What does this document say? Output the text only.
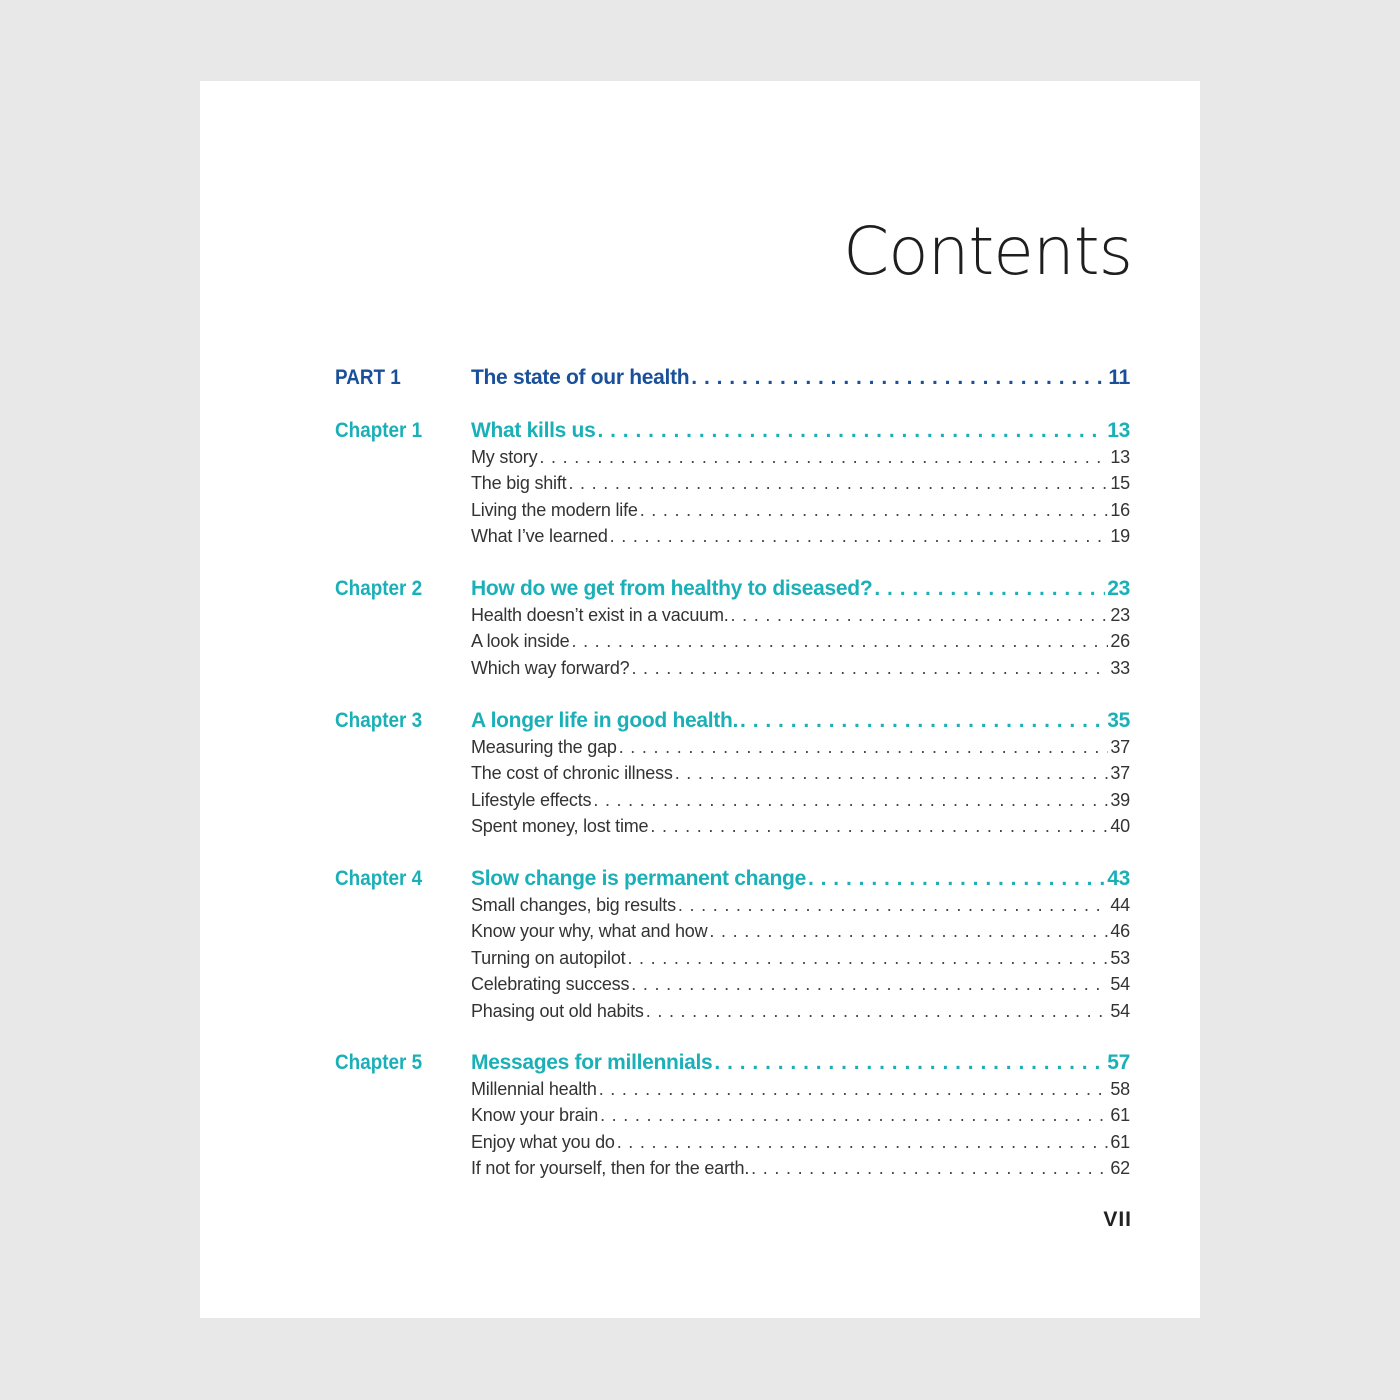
Contents
PART 1	The state of our health . . .	11
Chapter 1 What kills us . . .	13
My story . . .	13
The big shift . . .	15
Living the modern life . . .	16
What I’ve learned . . .	19
Chapter 2 How do we get from healthy to diseased? . . .	23
Health doesn’t exist in a vacuum. . . .	23
A look inside . . .	26
Which way forward? . . .	33
Chapter 3 A longer life in good health. . . .	35
Measuring the gap . . .	37
The cost of chronic illness . . .	37
Lifestyle effects . . .	39
Spent money, lost time . . .	40
Chapter 4 Slow change is permanent change . . .	43
Small changes, big results . . .	44
Know your why, what and how . . .	46
Turning on autopilot . . .	53
Celebrating success . . .	54
Phasing out old habits . . .	54
Chapter 5 Messages for millennials . . .	57
Millennial health . . .	58
Know your brain . . .	61
Enjoy what you do . . .	61
If not for yourself, then for the earth. . . .	62
VII
